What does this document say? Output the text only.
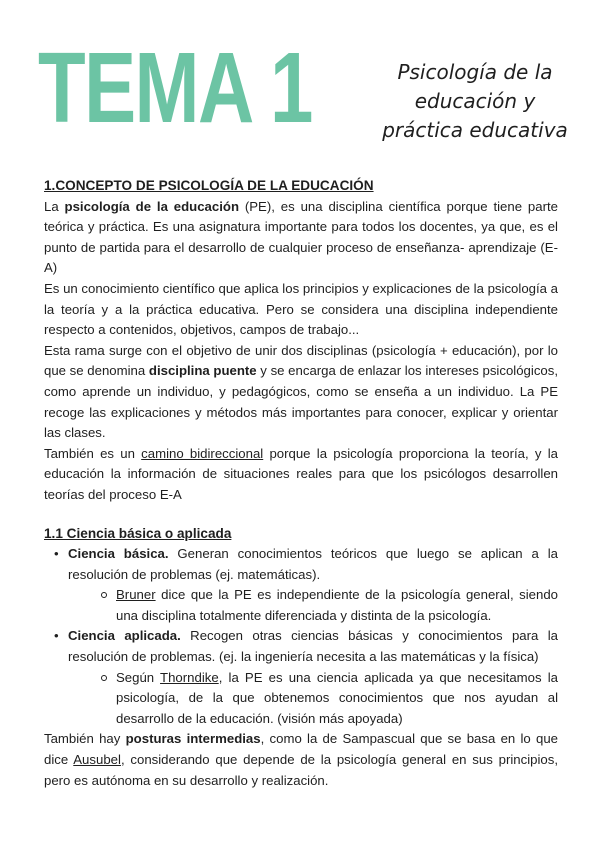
TEMA 1	Psicología de la
educación y
práctica educativa
1.CONCEPTO DE PSICOLOGÍA DE LA EDUCACIÓN

La psicología de la educación (PE), es una disciplina científica porque tiene parte teórica y práctica. Es una asignatura importante para todos los docentes, ya que, es el punto de partida para el desarrollo de cualquier proceso de enseñanza- aprendizaje (E-A)

Es un conocimiento científico que aplica los principios y explicaciones de la psicología a la teoría y a la práctica educativa. Pero se considera una disciplina independiente respecto a contenidos, objetivos, campos de trabajo...

Esta rama surge con el objetivo de unir dos disciplinas (psicología + educación), por lo que se denomina disciplina puente y se encarga de enlazar los intereses psicológicos, como aprende un individuo, y pedagógicos, como se enseña a un individuo. La PE recoge las explicaciones y métodos más importantes para conocer, explicar y orientar las clases.

También es un camino bidireccional porque la psicología proporciona la teoría, y la educación la información de situaciones reales para que los psicólogos desarrollen teorías del proceso E-A

1.1 Ciencia básica o aplicada
• Ciencia básica. Generan conocimientos teóricos que luego se aplican a la resolución de problemas (ej. matemáticas).
Bruner dice que la PE es independiente de la psicología general, siendo una disciplina totalmente diferenciada y distinta de la psicología.
• Ciencia aplicada. Recogen otras ciencias básicas y conocimientos para la resolución de problemas. (ej. la ingeniería necesita a las matemáticas y la física)
Según Thorndike, la PE es una ciencia aplicada ya que necesitamos la psicología, de la que obtenemos conocimientos que nos ayudan al desarrollo de la educación. (visión más apoyada)

También hay posturas intermedias, como la de Sampascual que se basa en lo que dice Ausubel, considerando que depende de la psicología general en sus principios, pero es autónoma en su desarrollo y realización.
